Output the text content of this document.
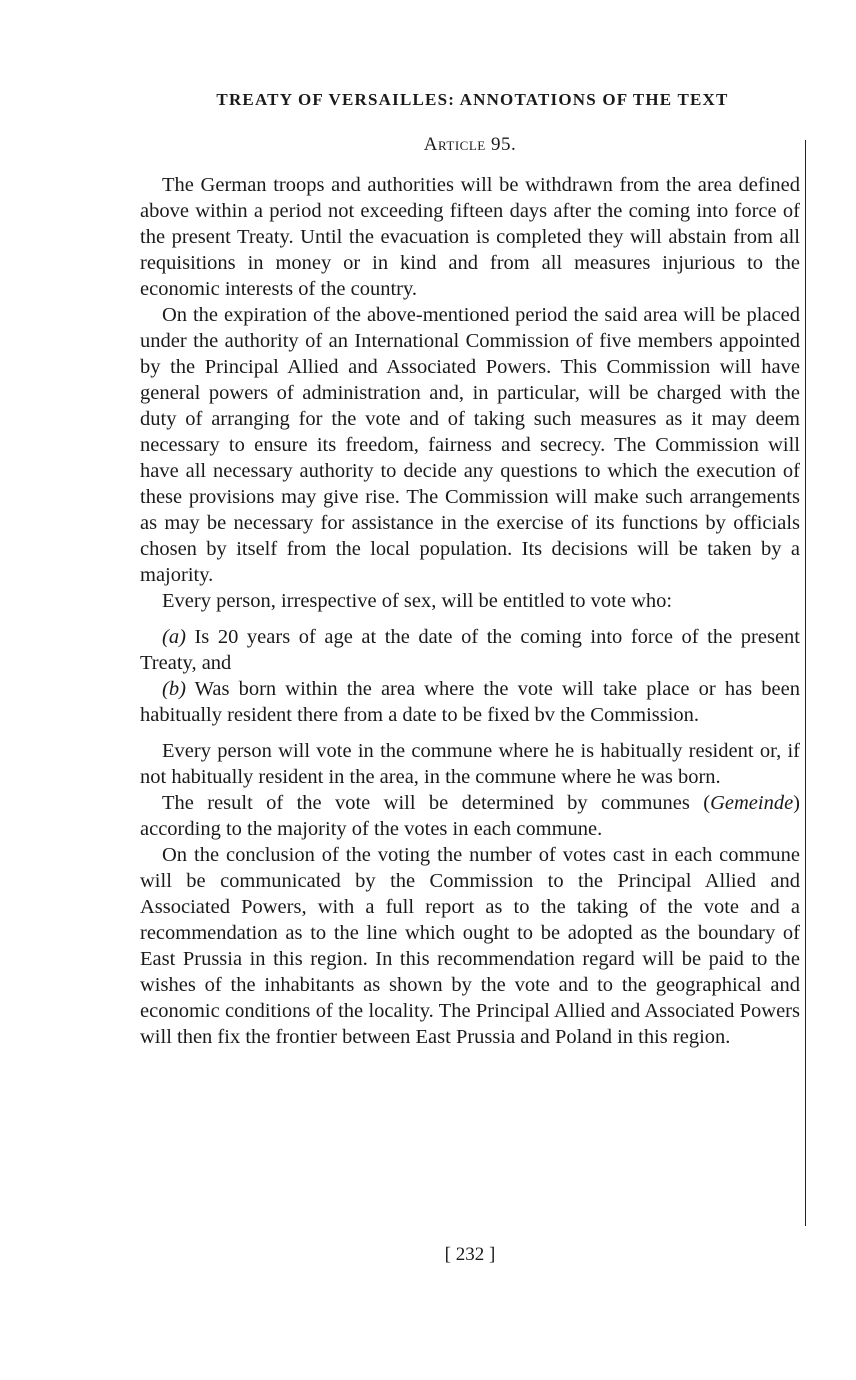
TREATY OF VERSAILLES: ANNOTATIONS OF THE TEXT
Article 95.

The German troops and authorities will be withdrawn from the area defined above within a period not exceeding fifteen days after the coming into force of the present Treaty. Until the evacuation is completed they will abstain from all requisitions in money or in kind and from all measures injurious to the economic interests of the country.

On the expiration of the above-mentioned period the said area will be placed under the authority of an International Commission of five members appointed by the Principal Allied and Associated Powers. This Commission will have general powers of administration and, in particular, will be charged with the duty of arranging for the vote and of taking such measures as it may deem necessary to ensure its freedom, fairness and secrecy. The Commission will have all necessary authority to decide any questions to which the execution of these provisions may give rise. The Commission will make such arrangements as may be necessary for assistance in the exercise of its functions by officials chosen by itself from the local population. Its decisions will be taken by a majority.

Every person, irrespective of sex, will be entitled to vote who:

(a) Is 20 years of age at the date of the coming into force of the present Treaty, and

(b) Was born within the area where the vote will take place or has been habitually resident there from a date to be fixed bv the Commission.

Every person will vote in the commune where he is habitually resident or, if not habitually resident in the area, in the commune where he was born.

The result of the vote will be determined by communes (Gemeinde) according to the majority of the votes in each commune.

On the conclusion of the voting the number of votes cast in each commune will be communicated by the Commission to the Principal Allied and Associated Powers, with a full report as to the taking of the vote and a recommendation as to the line which ought to be adopted as the boundary of East Prussia in this region. In this recommendation regard will be paid to the wishes of the inhabitants as shown by the vote and to the geographical and economic conditions of the locality. The Principal Allied and Associated Powers will then fix the frontier between East Prussia and Poland in this region.

[ 232 ]
